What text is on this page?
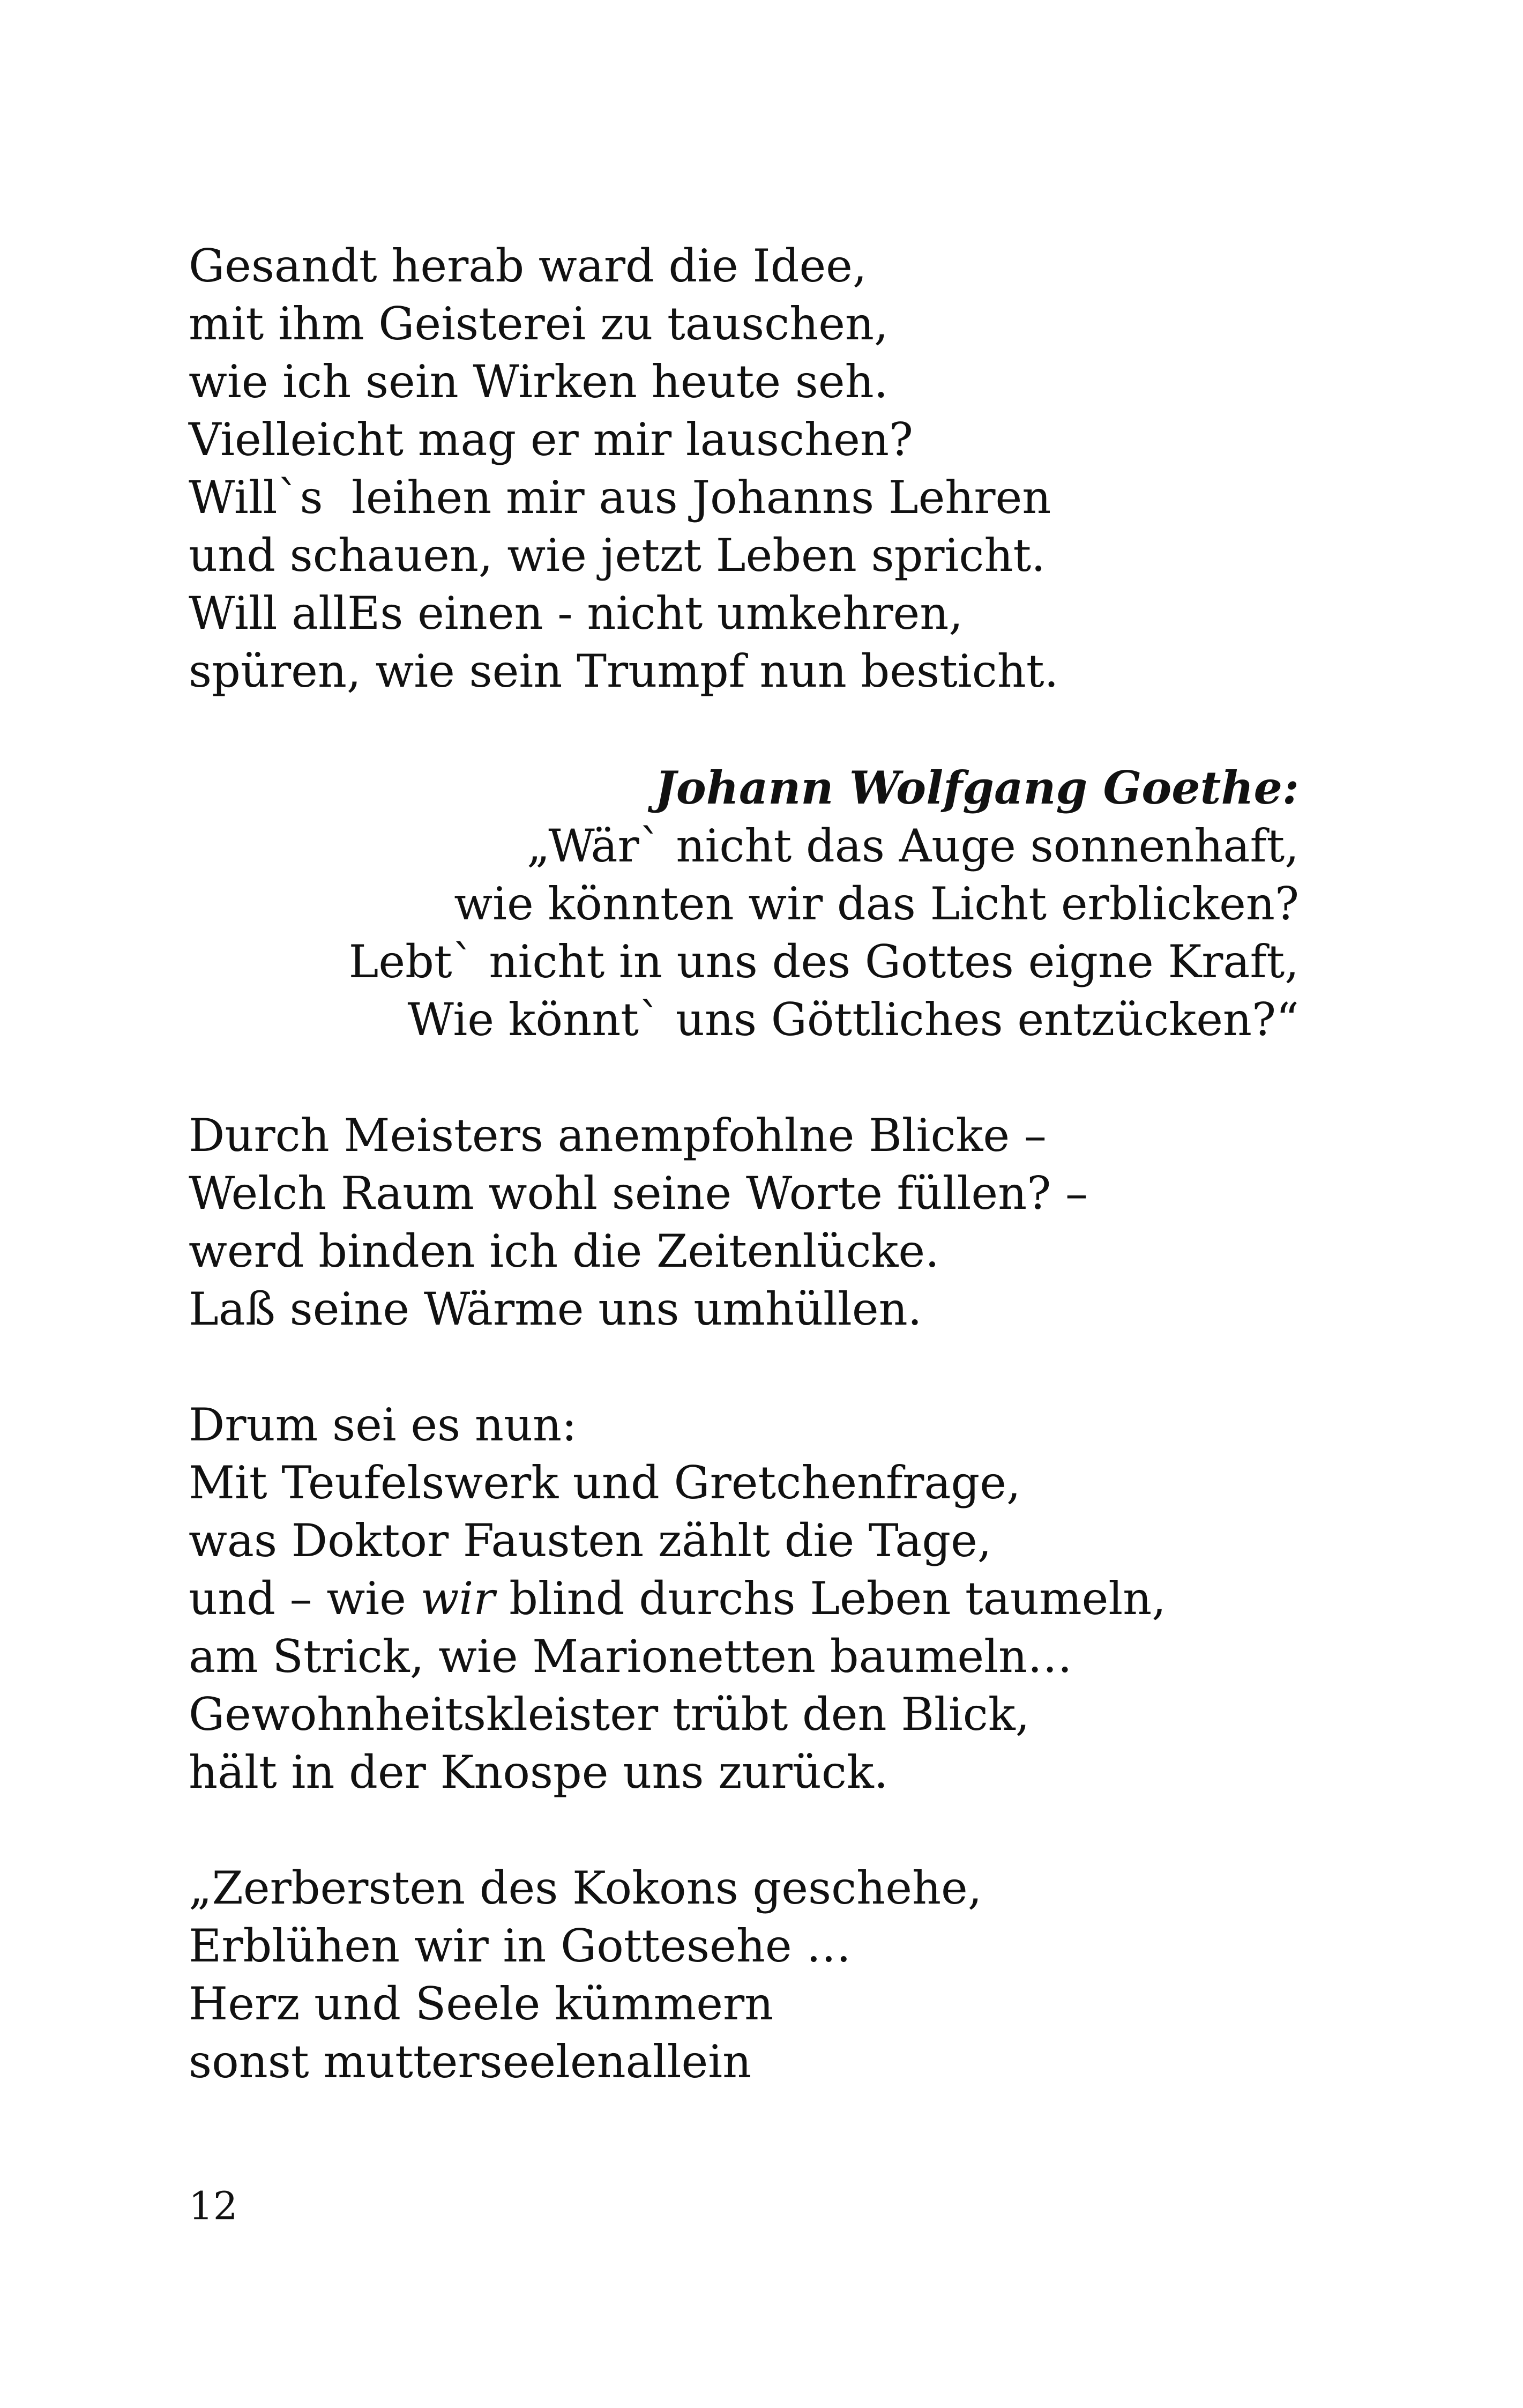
Gesandt herab ward die Idee,
mit ihm Geisterei zu tauschen,
wie ich sein Wirken heute seh.
Vielleicht mag er mir lauschen?
Will`s  leihen mir aus Johanns Lehren
und schauen, wie jetzt Leben spricht.
Will allEs einen - nicht umkehren,
spüren, wie sein Trumpf nun besticht.
Johann Wolfgang Goethe:
„Wär` nicht das Auge sonnenhaft,
wie könnten wir das Licht erblicken?
Lebt` nicht in uns des Gottes eigne Kraft,
Wie könnt` uns Göttliches entzücken?“
Durch Meisters anempfohlne Blicke –
Welch Raum wohl seine Worte füllen? –
werd binden ich die Zeitenlücke.
Laß seine Wärme uns umhüllen.
Drum sei es nun:
Mit Teufelswerk und Gretchenfrage,
was Doktor Fausten zählt die Tage,
und – wie wir blind durchs Leben taumeln,
am Strick, wie Marionetten baumeln…
Gewohnheitskleister trübt den Blick,
hält in der Knospe uns zurück.
„Zerbersten des Kokons geschehe,
Erblühen wir in Gottesehe …
Herz und Seele kümmern
sonst mutterseelenallein
12
